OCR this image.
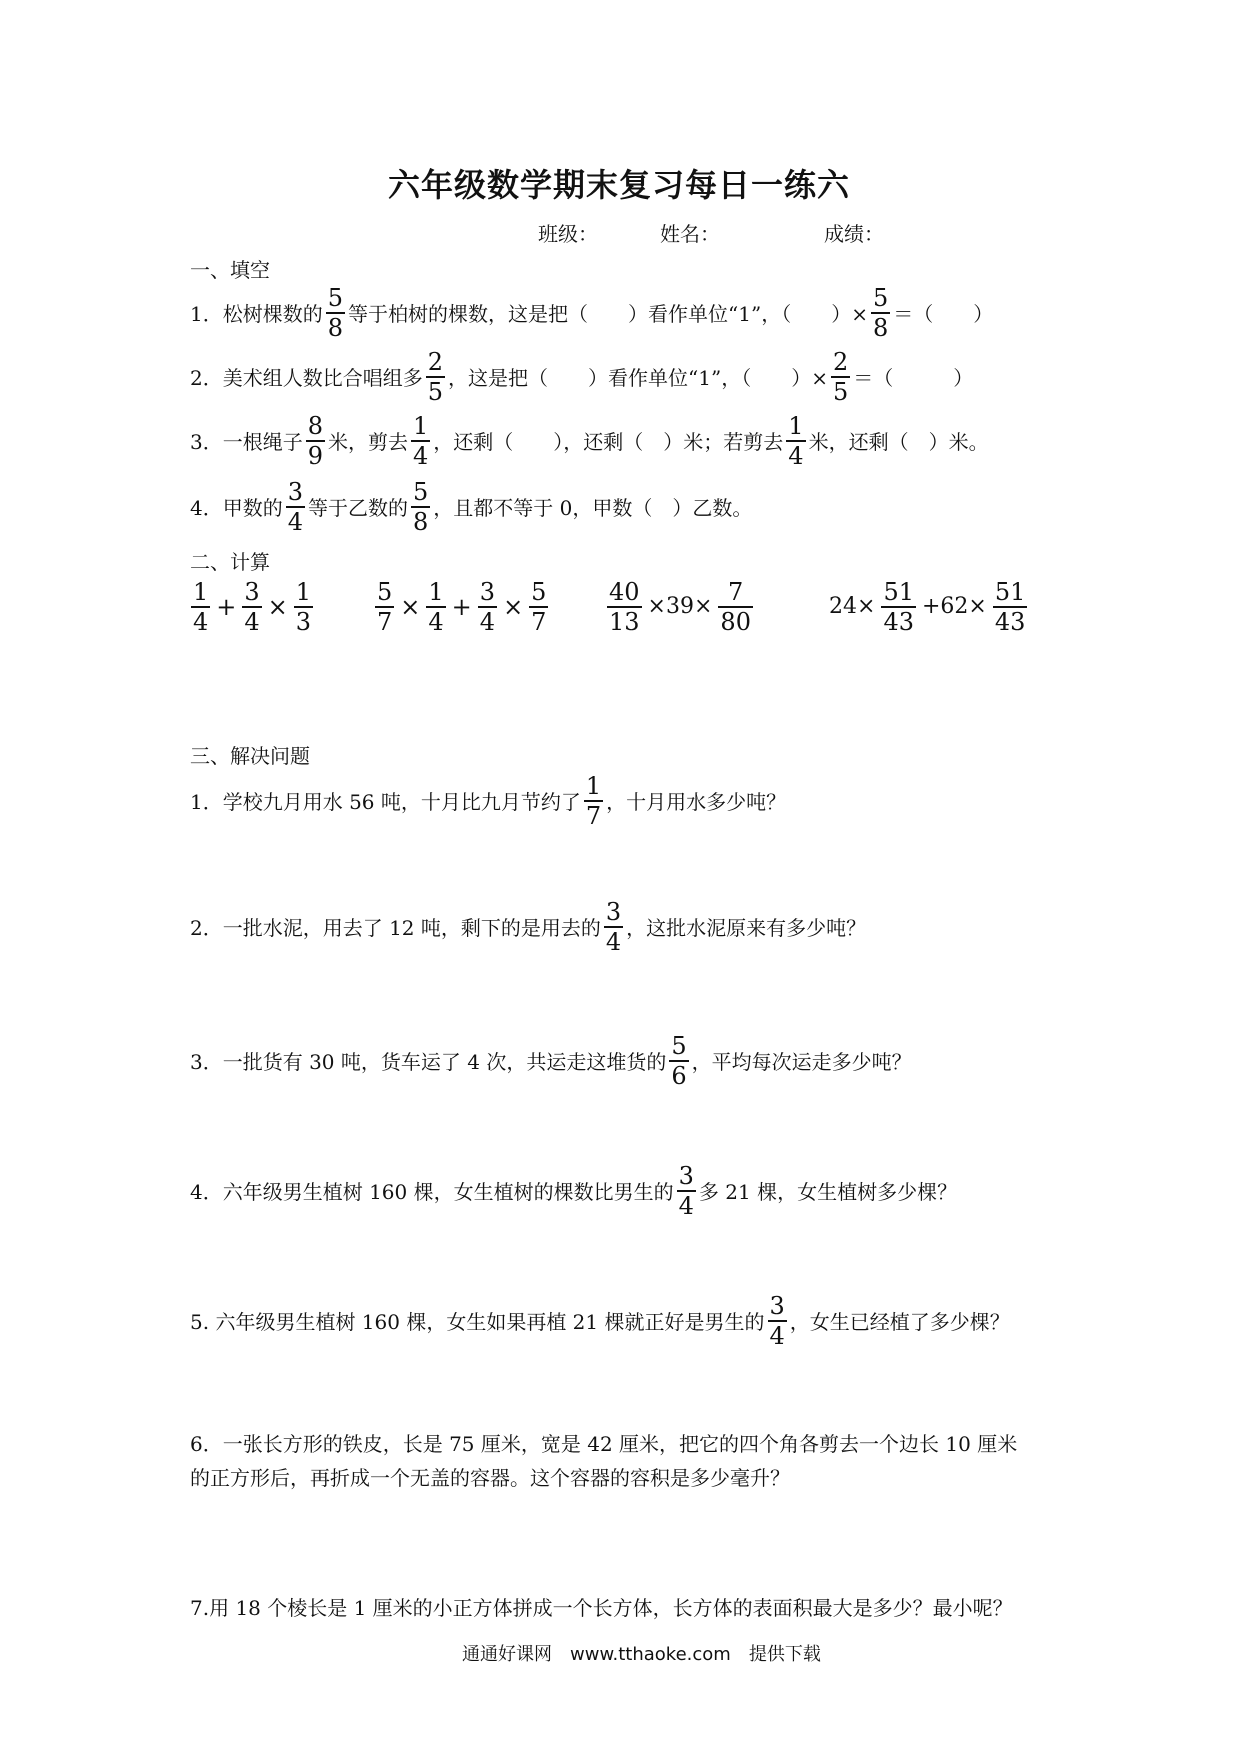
六年级数学期末复习每日一练六
班级：	姓名：	成绩：
一、填空
1．松树棵数的 $\frac{5}{8}$ 等于柏树的棵数，这是把（　　）看作单位“1”，（　　）× $\frac{5}{8}$ ＝（　　）
2．美术组人数比合唱组多 $\frac{2}{5}$ ，这是把（　　）看作单位“1”，（　　）× $\frac{2}{5}$ ＝（　　　）
3．一根绳子 $\frac{8}{9}$ 米，剪去 $\frac{1}{4}$ ，还剩（　　），还剩（　）米；若剪去 $\frac{1}{4}$ 米，还剩（　）米。
4．甲数的 $\frac{3}{4}$ 等于乙数的 $\frac{5}{8}$ ，且都不等于 0，甲数（　）乙数。
二、计算
$\frac{1}{4} + \frac{3}{4} \times \frac{1}{3}$	$\frac{5}{7} \times \frac{1}{4} + \frac{3}{4} \times \frac{5}{7} \frac{40}{13} \times 39\times \frac{7}{80}$	$24\times \frac{51}{43} +62\times \frac{51}{43}$
三、解决问题
1．学校九月用水 56 吨，十月比九月节约了 $\frac{1}{7}$ ，十月用水多少吨？
2．一批水泥，用去了 12 吨，剩下的是用去的 $\frac{3}{4}$ ，这批水泥原来有多少吨？
3．一批货有 30 吨，货车运了 4 次，共运走这堆货的 $\frac{5}{6}$ ，平均每次运走多少吨？
4．六年级男生植树 160 棵，女生植树的棵数比男生的 $\frac{3}{4}$ 多 21 棵，女生植树多少棵？
5. 六年级男生植树 160 棵，女生如果再植 21 棵就正好是男生的 $\frac{3}{4}$ ，女生已经植了多少棵？
6．一张长方形的铁皮，长是 75 厘米，宽是 42 厘米，把它的四个角各剪去一个边长 10 厘米
的正方形后，再折成一个无盖的容器。这个容器的容积是多少毫升？
7.用 18 个棱长是 1 厘米的小正方体拼成一个长方体，长方体的表面积最大是多少？最小呢？
通通好课网　www.tthaoke.com　提供下载
